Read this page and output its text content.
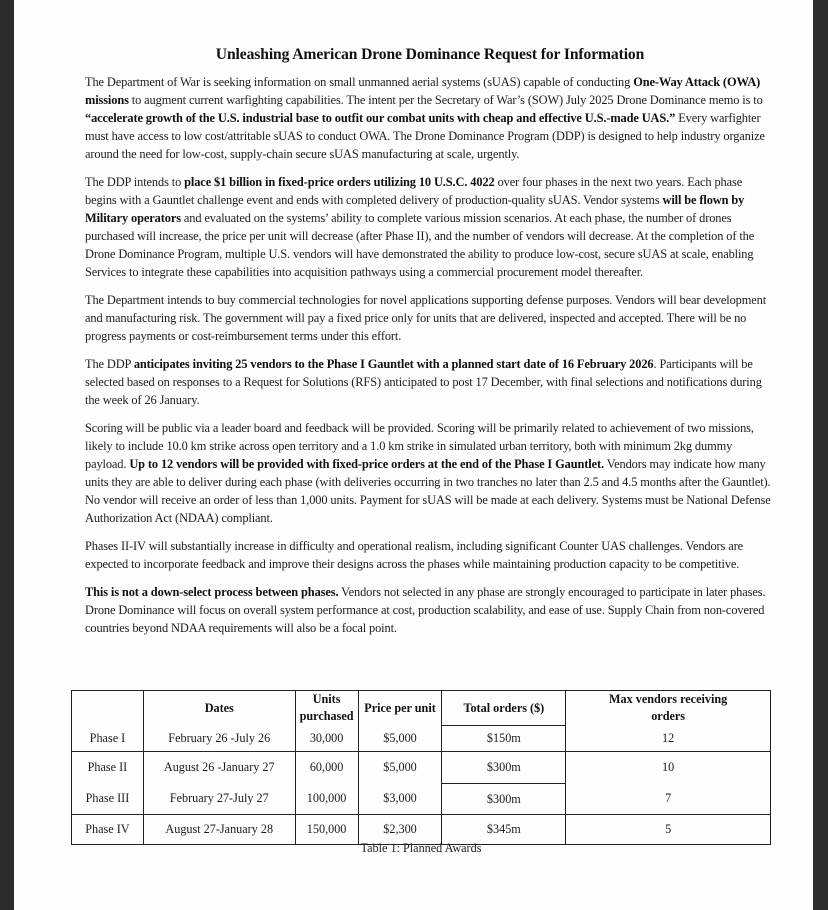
Unleashing American Drone Dominance Request for Information

The Department of War is seeking information on small unmanned aerial systems (sUAS) capable of conducting One-Way Attack (OWA) missions to augment current warfighting capabilities. The intent per the Secretary of War’s (SOW) July 2025 Drone Dominance memo is to “accelerate growth of the U.S. industrial base to outfit our combat units with cheap and effective U.S.-made UAS.” Every warfighter must have access to low cost/attritable sUAS to conduct OWA. The Drone Dominance Program (DDP) is designed to help industry organize around the need for low-cost, supply-chain secure sUAS manufacturing at scale, urgently.

The DDP intends to place $1 billion in fixed-price orders utilizing 10 U.S.C. 4022 over four phases in the next two years. Each phase begins with a Gauntlet challenge event and ends with completed delivery of production-quality sUAS. Vendor systems will be flown by Military operators and evaluated on the systems’ ability to complete various mission scenarios. At each phase, the number of drones purchased will increase, the price per unit will decrease (after Phase II), and the number of vendors will decrease. At the completion of the Drone Dominance Program, multiple U.S. vendors will have demonstrated the ability to produce low-cost, secure sUAS at scale, enabling Services to integrate these capabilities into acquisition pathways using a commercial procurement model thereafter.

The Department intends to buy commercial technologies for novel applications supporting defense purposes. Vendors will bear development and manufacturing risk. The government will pay a fixed price only for units that are delivered, inspected and accepted. There will be no progress payments or cost-reimbursement terms under this effort.

The DDP anticipates inviting 25 vendors to the Phase I Gauntlet with a planned start date of 16 February 2026. Participants will be selected based on responses to a Request for Solutions (RFS) anticipated to post 17 December, with final selections and notifications during the week of 26 January.

Scoring will be public via a leader board and feedback will be provided. Scoring will be primarily related to achievement of two missions, likely to include 10.0 km strike across open territory and a 1.0 km strike in simulated urban territory, both with minimum 2kg dummy payload. Up to 12 vendors will be provided with fixed-price orders at the end of the Phase I Gauntlet. Vendors may indicate how many units they are able to deliver during each phase (with deliveries occurring in two tranches no later than 2.5 and 4.5 months after the Gauntlet). No vendor will receive an order of less than 1,000 units. Payment for sUAS will be made at each delivery. Systems must be National Defense Authorization Act (NDAA) compliant.

Phases II-IV will substantially increase in difficulty and operational realism, including significant Counter UAS challenges. Vendors are expected to incorporate feedback and improve their designs across the phases while maintaining production capacity to be competitive.

This is not a down-select process between phases. Vendors not selected in any phase are strongly encouraged to participate in later phases. Drone Dominance will focus on overall system performance at cost, production scalability, and ease of use. Supply Chain from non-covered countries beyond NDAA requirements will also be a focal point.

	Dates	Units purchased	Price per unit	Total orders ($)	Max vendors receiving orders
Phase I	February 26 -July 26	30,000	$5,000	$150m	12
Phase II	August 26 -January 27	60,000	$5,000	$300m	10
Phase III	February 27-July 27	100,000	$3,000	$300m	7
Phase IV	August 27-January 28	150,000	$2,300	$345m	5
Table 1: Planned Awards
